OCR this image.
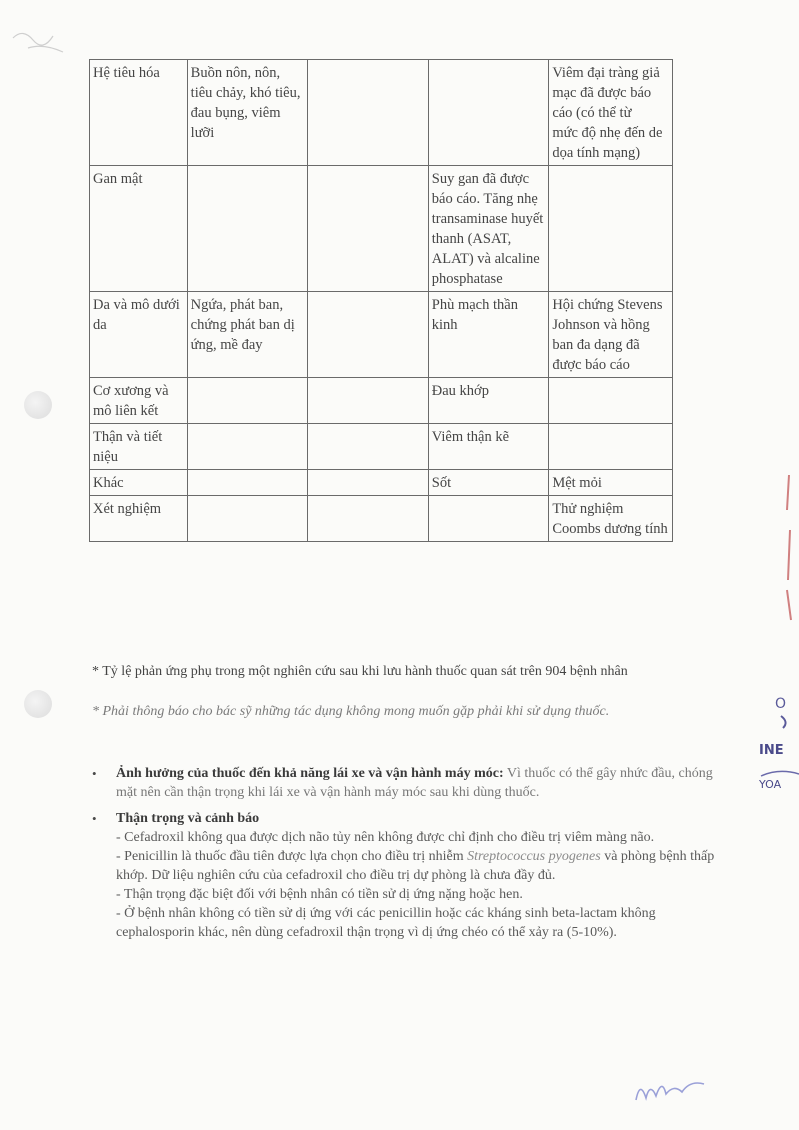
O
INE
YOA
Hệ tiêu hóa	Buồn nôn, nôn, tiêu chảy, khó tiêu, đau bụng, viêm lưỡi			Viêm đại tràng giả mạc đã được báo cáo (có thể từ
mức độ nhẹ đến de dọa tính mạng)
Gan mật			Suy gan đã được báo cáo. Tăng nhẹ transaminase huyết thanh (ASAT, ALAT) và alcaline phosphatase	
Da và mô dưới da	Ngứa, phát ban, chứng phát ban dị ứng, mề đay		Phù mạch thần kinh	Hội chứng Stevens Johnson và hồng ban đa dạng đã được báo cáo
Cơ xương và mô liên kết			Đau khớp	
Thận và tiết niệu			Viêm thận kẽ	
Khác			Sốt	Mệt mỏi
Xét nghiệm				Thử nghiệm Coombs dương tính
* Tỷ lệ phản ứng phụ trong một nghiên cứu sau khi lưu hành thuốc quan sát trên 904 bệnh nhân
* Phải thông báo cho bác sỹ những tác dụng không mong muốn gặp phải khi sử dụng thuốc.
• Ảnh hưởng của thuốc đến khả năng lái xe và vận hành máy móc: Vì thuốc có thể gây nhức đầu, chóng mặt nên cần thận trọng khi lái xe và vận hành máy móc sau khi dùng thuốc.
• Thận trọng và cảnh báo
- Cefadroxil không qua được dịch não tủy nên không được chỉ định cho điều trị viêm màng não.
- Penicillin là thuốc đầu tiên được lựa chọn cho điều trị nhiễm Streptococcus pyogenes và phòng bệnh thấp khớp. Dữ liệu nghiên cứu của cefadroxil cho điều trị dự phòng là chưa đầy đủ.
- Thận trọng đặc biệt đối với bệnh nhân có tiền sử dị ứng nặng hoặc hen.
- Ở bệnh nhân không có tiền sử dị ứng với các penicillin hoặc các kháng sinh beta-lactam không cephalosporin khác, nên dùng cefadroxil thận trọng vì dị ứng chéo có thể xảy ra (5-10%).
